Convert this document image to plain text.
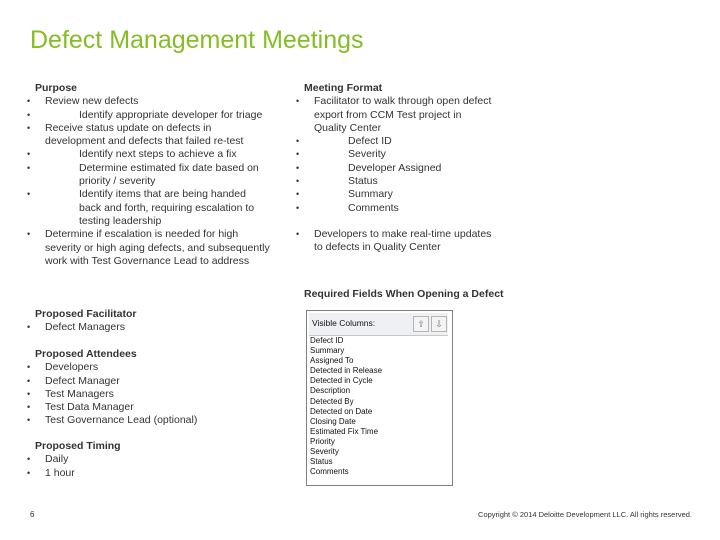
Defect Management Meetings
Purpose
• Review new defects
• Identify appropriate developer for triage
• Receive status update on defects in
development and defects that failed re-test
• Identify next steps to achieve a fix
• Determine estimated fix date based on
priority / severity
• Identify items that are being handed
back and forth, requiring escalation to
testing leadership
• Determine if escalation is needed for high
severity or high aging defects, and subsequently
work with Test Governance Lead to address
Proposed Facilitator
• Defect Managers
Proposed Attendees
• Developers
• Defect Manager
• Test Managers
• Test Data Manager
• Test Governance Lead (optional)
Proposed Timing
• Daily
• 1 hour
Meeting Format
• Facilitator to walk through open defect
export from CCM Test project in
Quality Center
• Defect ID
• Severity
• Developer Assigned
• Status
• Summary
• Comments
• Developers to make real-time updates
to defects in Quality Center
Required Fields When Opening a Defect
Visible Columns:	⇧	⇩
Defect ID
Summary
Assigned To
Detected in Release
Detected in Cycle
Description
Detected By
Detected on Date
Closing Date
Estimated Fix Time
Priority
Severity
Status
Comments
6	Copyright © 2014 Deloitte Development LLC. All rights reserved.
